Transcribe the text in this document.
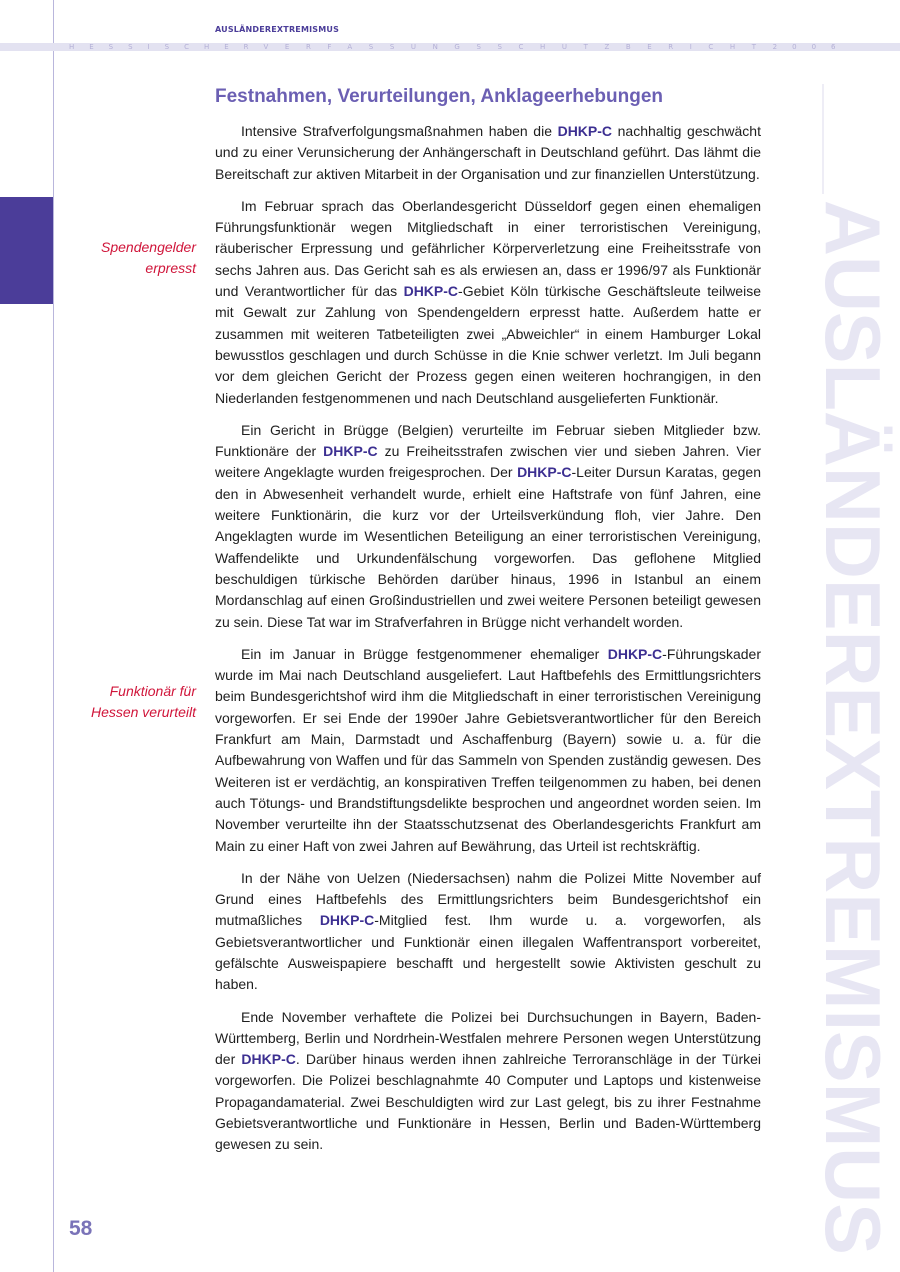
AUSLÄNDEREXTREMISMUS
HESSISCHER VERFASSUNGSSCHUTZBERICHT 2006
AUSLÄNDEREXTREMISMUS
Festnahmen, Verurteilungen, Anklageerhebungen
Spendengelder
erpresst
Funktionär für
Hessen verurteilt

Intensive Strafverfolgungsmaßnahmen haben die DHKP-C nachhaltig geschwächt und zu einer Verunsicherung der Anhängerschaft in Deutschland geführt. Das lähmt die Bereitschaft zur aktiven Mitarbeit in der Organisation und zur finanziellen Unterstützung.

Im Februar sprach das Oberlandesgericht Düsseldorf gegen einen ehemaligen Führungsfunktionär wegen Mitgliedschaft in einer terroristischen Vereinigung, räuberischer Erpressung und gefährlicher Körperverletzung eine Freiheitsstrafe von sechs Jahren aus. Das Gericht sah es als erwiesen an, dass er 1996/97 als Funktionär und Verantwortlicher für das DHKP-C-Gebiet Köln türkische Geschäftsleute teilweise mit Gewalt zur Zahlung von Spendengeldern erpresst hatte. Außerdem hatte er zusammen mit weiteren Tatbeteiligten zwei „Abweichler“ in einem Hamburger Lokal bewusstlos geschlagen und durch Schüsse in die Knie schwer verletzt. Im Juli begann vor dem gleichen Gericht der Prozess gegen einen weiteren hochrangigen, in den Niederlanden festgenommenen und nach Deutschland ausgelieferten Funktionär.

Ein Gericht in Brügge (Belgien) verurteilte im Februar sieben Mitglieder bzw. Funktionäre der DHKP-C zu Freiheitsstrafen zwischen vier und sieben Jahren. Vier weitere Angeklagte wurden freigesprochen. Der DHKP-C-Leiter Dursun Karatas, gegen den in Abwesenheit verhandelt wurde, erhielt eine Haftstrafe von fünf Jahren, eine weitere Funktionärin, die kurz vor der Urteilsverkündung floh, vier Jahre. Den Angeklagten wurde im Wesentlichen Beteiligung an einer terroristischen Vereinigung, Waffendelikte und Urkundenfälschung vorgeworfen. Das geflohene Mitglied beschuldigen türkische Behörden darüber hinaus, 1996 in Istanbul an einem Mordanschlag auf einen Großindustriellen und zwei weitere Personen beteiligt gewesen zu sein. Diese Tat war im Strafverfahren in Brügge nicht verhandelt worden.

Ein im Januar in Brügge festgenommener ehemaliger DHKP-C-Führungskader wurde im Mai nach Deutschland ausgeliefert. Laut Haftbefehls des Ermittlungsrichters beim Bundesgerichtshof wird ihm die Mitgliedschaft in einer terroristischen Vereinigung vorgeworfen. Er sei Ende der 1990er Jahre Gebietsverantwortlicher für den Bereich Frankfurt am Main, Darmstadt und Aschaffenburg (Bayern) sowie u. a. für die Aufbewahrung von Waffen und für das Sammeln von Spenden zuständig gewesen. Des Weiteren ist er verdächtig, an konspirativen Treffen teilgenommen zu haben, bei denen auch Tötungs- und Brandstiftungsdelikte besprochen und angeordnet worden seien. Im November verurteilte ihn der Staatsschutzsenat des Oberlandesgerichts Frankfurt am Main zu einer Haft von zwei Jahren auf Bewährung, das Urteil ist rechtskräftig.

In der Nähe von Uelzen (Niedersachsen) nahm die Polizei Mitte November auf Grund eines Haftbefehls des Ermittlungsrichters beim Bundesgerichtshof ein mutmaßliches DHKP-C-Mitglied fest. Ihm wurde u. a. vorgeworfen, als Gebietsverantwortlicher und Funktionär einen illegalen Waffentransport vorbereitet, gefälschte Ausweispapiere beschafft und hergestellt sowie Aktivisten geschult zu haben.

Ende November verhaftete die Polizei bei Durchsuchungen in Bayern, Baden-Württemberg, Berlin und Nordrhein-Westfalen mehrere Personen wegen Unterstützung der DHKP-C. Darüber hinaus werden ihnen zahlreiche Terroranschläge in der Türkei vorgeworfen. Die Polizei beschlagnahmte 40 Computer und Laptops und kistenweise Propagandamaterial. Zwei Beschuldigten wird zur Last gelegt, bis zu ihrer Festnahme Gebietsverantwortliche und Funktionäre in Hessen, Berlin und Baden-Württemberg gewesen zu sein.

58
